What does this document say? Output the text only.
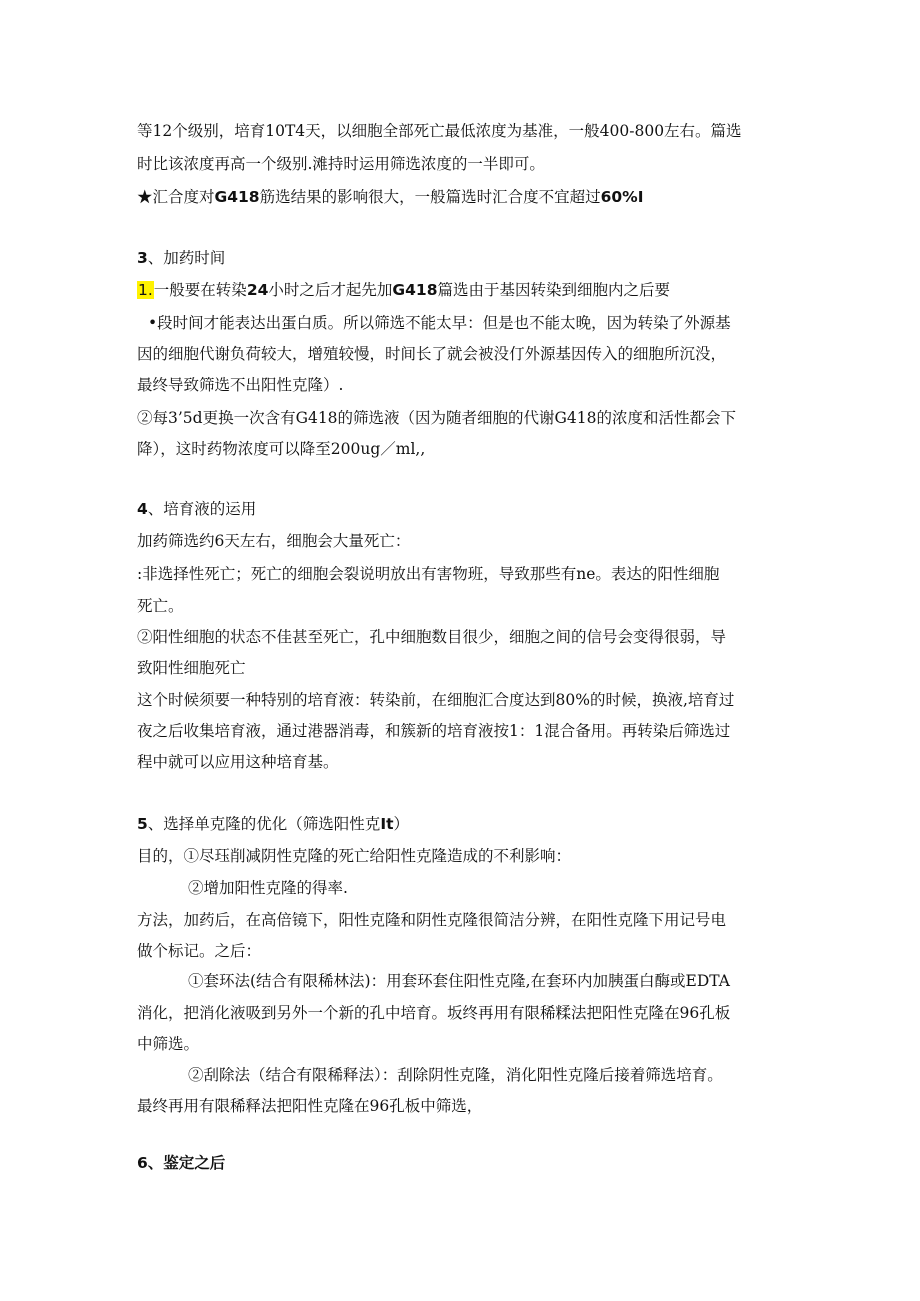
等12个级别，培育10T4天，以细胞全部死亡最低浓度为基准，一般400-800左右。篇选
时比该浓度再高一个级别.滩持时运用筛选浓度的一半即可。
★汇合度对G418筋选结果的影响很大，一般篇选时汇合度不宜超过60%I
3、加药时间
1.一般要在转染24小时之后才起先加G418篇选由于基因转染到细胞内之后要
•段时间才能表达出蛋白质。所以筛选不能太早：但是也不能太晚，因为转染了外源基
因的细胞代谢负荷较大，增殖较慢，时间长了就会被没仃外源基因传入的细胞所沉没，
最终导致筛选不出阳性克隆）.
②每3’5d更换一次含有G418的筛选液（因为随者细胞的代谢G418的浓度和活性都会下
降），这时药物浓度可以降至200ug／ml,,
4、培育液的运用
加药筛选约6天左右，细胞会大量死亡：
:非选择性死亡；死亡的细胞会裂说明放出有害物班，导致那些有ne。表达的阳性细胞
死亡。
②阳性细胞的状态不佳甚至死亡，孔中细胞数目很少，细胞之间的信号会变得很弱，导
致阳性细胞死亡
这个时候须要一种特别的培育液：转染前，在细胞汇合度达到80%的时候，换液,培育过
夜之后收集培育液，通过港器消毒，和簇新的培育液按1：1混合备用。再转染后筛选过
程中就可以应用这种培育基。
5、选择单克隆的优化（筛选阳性克It）
目的，①尽珏削减阴性克隆的死亡给阳性克隆造成的不利影响：
②增加阳性克隆的得率.
方法，加药后，在高倍镜下，阳性克隆和阴性克隆很简洁分辨，在阳性克隆下用记号电
做个标记。之后：
①套环法(结合有限稀林法)：用套环套住阳性克隆,在套环内加胰蛋白酶或EDTA
消化，把消化液吸到另外一个新的孔中培育。坂终再用有限稀糅法把阳性克隆在96孔板
中筛选。
②刮除法（结合有限稀释法）：刮除阴性克隆，消化阳性克隆后接着筛选培育。
最终再用有限稀释法把阳性克隆在96孔板中筛选，
6、鉴定之后
